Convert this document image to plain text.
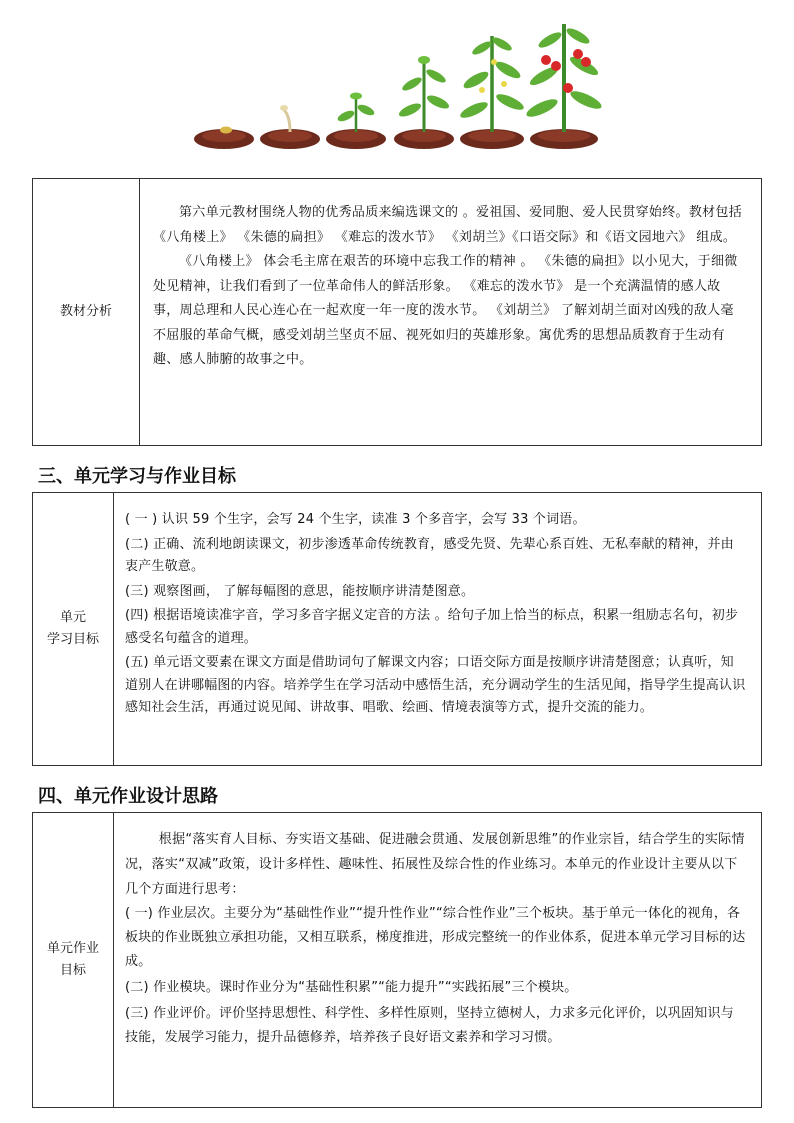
教材分析

第六单元教材围绕人物的优秀品质来编选课文的 。爱祖国、爱同胞、爱人民贯穿始终。教材包括《八角楼上》 《朱德的扁担》 《难忘的泼水节》 《刘胡兰》《口语交际》和《语文园地六》 组成。

《八角楼上》 体会毛主席在艰苦的环境中忘我工作的精神 。 《朱德的扁担》以小见大，于细微处见精神，让我们看到了一位革命伟人的鲜活形象。 《难忘的泼水节》 是一个充满温情的感人故事，周总理和人民心连心在一起欢度一年一度的泼水节。 《刘胡兰》 了解刘胡兰面对凶残的敌人毫不屈服的革命气概，感受刘胡兰坚贞不屈、视死如归的英雄形象。寓优秀的思想品质教育于生动有趣、感人肺腑的故事之中。

三、单元学习与作业目标
单元
学习目标

( 一 ) 认识 59 个生字，会写 24 个生字，读准 3 个多音字，会写 33 个词语。

(二) 正确、流利地朗读课文，初步渗透革命传统教育，感受先贤、先辈心系百姓、无私奉献的精神，并由衷产生敬意。

(三) 观察图画， 了解每幅图的意思，能按顺序讲清楚图意。

(四) 根据语境读准字音，学习多音字据义定音的方法 。给句子加上恰当的标点，积累一组励志名句，初步感受名句蕴含的道理。

(五) 单元语文要素在课文方面是借助词句了解课文内容；口语交际方面是按顺序讲清楚图意；认真听，知道别人在讲哪幅图的内容。培养学生在学习活动中感悟生活，充分调动学生的生活见闻，指导学生提高认识感知社会生活，再通过说见闻、讲故事、唱歌、绘画、情境表演等方式，提升交流的能力。

四、单元作业设计思路
单元作业
目标

根据“落实育人目标、夯实语文基础、促进融会贯通、发展创新思维”的作业宗旨，结合学生的实际情况，落实“双减”政策，设计多样性、趣味性、拓展性及综合性的作业练习。本单元的作业设计主要从以下几个方面进行思考：

( 一) 作业层次。主要分为“基础性作业”“提升性作业”“综合性作业”三个板块。基于单元一体化的视角，各板块的作业既独立承担功能，又相互联系，梯度推进，形成完整统一的作业体系，促进本单元学习目标的达成。

(二) 作业模块。课时作业分为“基础性积累”“能力提升”“实践拓展”三个模块。

(三) 作业评价。评价坚持思想性、科学性、多样性原则，坚持立德树人，力求多元化评价，以巩固知识与技能，发展学习能力，提升品德修养，培养孩子良好语文素养和学习习惯。
